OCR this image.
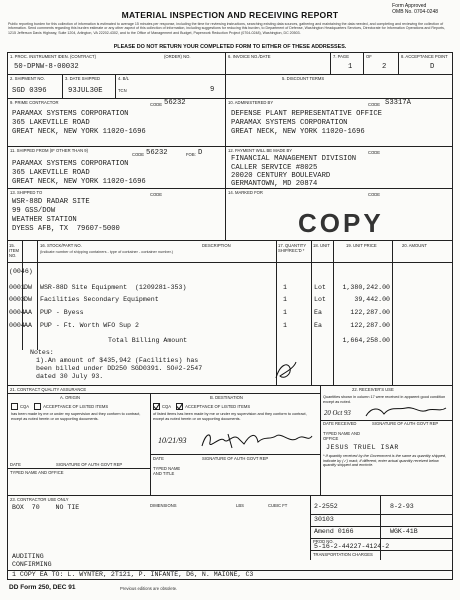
Form Approved
OMB No. 0704-0248
MATERIAL INSPECTION AND RECEIVING REPORT
Public reporting burden for this collection of information is estimated to average 15 minutes per response, including the time for reviewing instructions, searching existing data sources, gathering and maintaining the data needed, and completing and reviewing the collection of information. Send comments regarding this burden estimate or any other aspect of this collection of information, including suggestions for reducing this burden, to Department of Defense, Washington Headquarters Services, Directorate for Information Operations and Reports, 1215 Jefferson Davis Highway, Suite 1204, Arlington, VA 22202-4302, and to the Office of Management and Budget, Paperwork Reduction Project (0704-0248), Washington, DC 20503.
PLEASE DO NOT RETURN YOUR COMPLETED FORM TO EITHER OF THESE ADDRESSES.
1. PROC. INSTRUMENT IDEN. (CONTRACT)	(ORDER) NO.
50-DPNW-8-00032
6. INVOICE NO./DATE	7. PAGE
1
OF
2
8. ACCEPTANCE POINT
D
2. SHIPMENT NO.
SGD 0396
3. DATE SHIPPED
93JUL30E
4. B/L
TCN	9
5. DISCOUNT TERMS
9. PRIME CONTRACTOR	CODE 56232
PARAMAX SYSTEMS CORPORATION
365 LAKEVILLE ROAD
GREAT NECK, NEW YORK 11020-1696
10. ADMINISTERED BY	CODE S3317A
DEFENSE PLANT REPRESENTATIVE OFFICE
PARAMAX SYSTEMS CORPORATION
GREAT NECK, NEW YORK 11020-1696
11. SHIPPED FROM (IF OTHER THAN 9)
CODE 56232	FOB: D
PARAMAX SYSTEMS CORPORATION
365 LAKEVILLE ROAD
GREAT NECK, NEW YORK 11020-1696
12. PAYMENT WILL BE MADE BY	CODE
FINANCIAL MANAGEMENT DIVISION
CALLER SERVICE #8025
20020 CENTURY BOULEVARD
GERMANTOWN, MD 20874
13. SHIPPED TO	CODE
WSR-88D RADAR SITE
99 GSS/DOW
WEATHER STATION
DYESS AFB, TX  79607-5000
14. MARKED FOR	CODE
COPY
15. ITEM NO.
16. STOCK/PART NO.
(Indicate number of shipping containers - type of container - container number.)
DESCRIPTION	17. QUANTITY SHIP/REC'D *
18. UNIT	19. UNIT PRICE	20. AMOUNT
(0046)
0001 DW WSR-88D Site Equipment  (1209281-353)	1	Lot	1,380,242.00
0003 DW Facilities Secondary Equipment	1	Lot	39,442.00
0004 AA PUP - Byess	1	Ea	122,287.00
0004 AA PUP - Ft. Worth WFO Sup 2	1	Ea	122,287.00
Total Billing Amount	1,664,258.00
Notes:
1).An amount of $435,942 (Facilities) has
been billed under DD250 SGD0391. SO#2-2547
dated 30 July 93.
21. CONTRACT QUALITY ASSURANCE
A. ORIGIN
CQA	ACCEPTANCE OF LISTED ITEMS
has been made by me or under my supervision and they conform to contract, except as noted herein or on supporting documents.
DATE	SIGNATURE OF AUTH GOVT REP
TYPED NAME AND OFFICE
B. DESTINATION
CQA	ACCEPTANCE OF LISTED ITEMS
of listed items has been made by me or under my supervision and they conform to contract, except as noted herein or on supporting documents.
10/21/93
DATE	SIGNATURE OF AUTH GOVT REP
TYPED NAME AND TITLE
22. RECEIVER'S USE
Quantities shown in column 17 were received in apparent good condition except as noted.
20 Oct 93
DATE RECEIVED	SIGNATURE OF AUTH GOVT REP
TYPED NAME AND OFFICE
JESUS TRUEL ISAR
* If quantity received by the Government is the same as quantity shipped, indicate by (✓) mark, if different, enter actual quantity received below quantity shipped and encircle.
23. CONTRACTOR USE ONLY
BOX  70    NO TIE	DIMENSIONS	LBS	CUBIC FT	2-2552	8-2-93
30103
Amend 0166	WGK-41B
PROD NO.
5-16-2-44227-4124-2
TRANSPORTATION CHARGES
AUDITING
CONFIRMING
1 COPY EA TO: L. WYNTER, 2T121, P. INFANTE, D6, N. MAIONE, C3
DD Form 250, DEC 91	Previous editions are obsolete.
